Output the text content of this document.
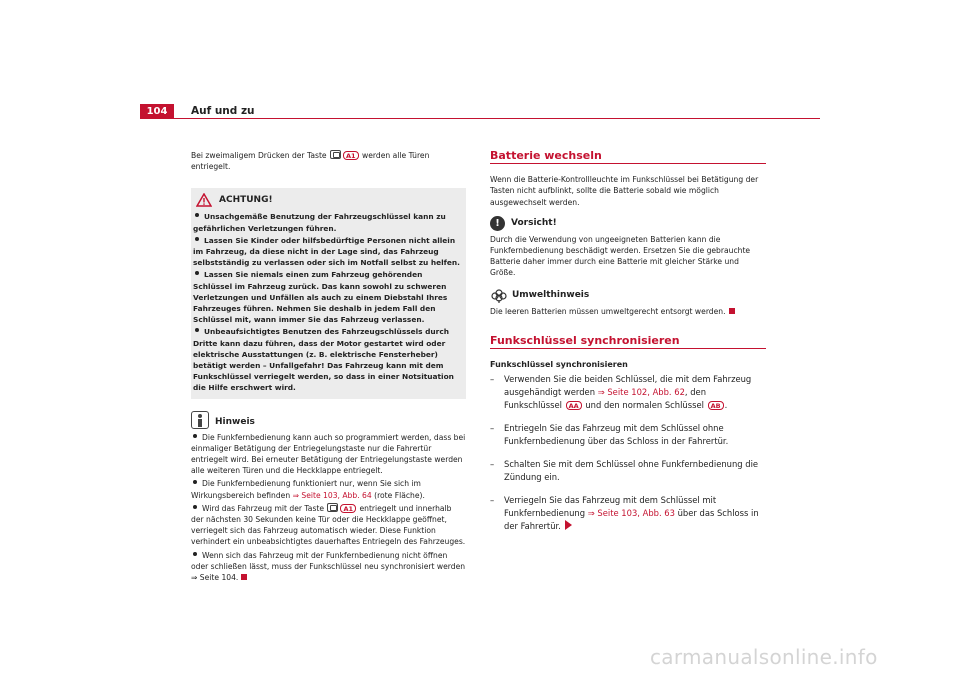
104	Auf und zu

Bei zweimaligem Drücken der Taste	A1 werden alle Türen entriegelt.

ACHTUNG!
Unsachgemäße Benutzung der Fahrzeugschlüssel kann zu gefährlichen Verletzungen führen.
Lassen Sie Kinder oder hilfsbedürftige Personen nicht allein im Fahrzeug, da diese nicht in der Lage sind, das Fahrzeug selbstständig zu verlassen oder sich im Notfall selbst zu helfen.
Lassen Sie niemals einen zum Fahrzeug gehörenden Schlüssel im Fahrzeug zurück. Das kann sowohl zu schweren Verletzungen und Unfällen als auch zu einem Diebstahl Ihres Fahrzeuges führen. Nehmen Sie deshalb in jedem Fall den Schlüssel mit, wann immer Sie das Fahrzeug verlassen.
Unbeaufsichtigtes Benutzen des Fahrzeugschlüssels durch Dritte kann dazu führen, dass der Motor gestartet wird oder elektrische Ausstattungen (z. B. elektrische Fensterheber) betätigt werden – Unfallgefahr! Das Fahrzeug kann mit dem Funkschlüssel verriegelt werden, so dass in einer Notsituation die Hilfe erschwert wird.
Hinweis
Die Funkfernbedienung kann auch so programmiert werden, dass bei einmaliger Betätigung der Entriegelungstaste nur die Fahrertür entriegelt wird. Bei erneuter Betätigung der Entriegelungstaste werden alle weiteren Türen und die Heckklappe entriegelt.
Die Funkfernbedienung funktioniert nur, wenn Sie sich im Wirkungsbereich befinden ⇒ Seite 103, Abb. 64 (rote Fläche).
Wird das Fahrzeug mit der Taste	A1 entriegelt und innerhalb der nächsten 30 Sekunden keine Tür oder die Heckklappe geöffnet, verriegelt sich das Fahrzeug automatisch wieder. Diese Funktion verhindert ein unbeabsichtigtes dauerhaftes Entriegeln des Fahrzeuges.
Wenn sich das Fahrzeug mit der Funkfernbedienung nicht öffnen oder schließen lässt, muss der Funkschlüssel neu synchronisiert werden ⇒ Seite 104.
Batterie wechseln

Wenn die Batterie-Kontrollleuchte im Funkschlüssel bei Betätigung der Tasten nicht aufblinkt, sollte die Batterie sobald wie möglich ausgewechselt werden.

!	Vorsicht!

Durch die Verwendung von ungeeigneten Batterien kann die Funkfernbedienung beschädigt werden. Ersetzen Sie die gebrauchte Batterie daher immer durch eine Batterie mit gleicher Stärke und Größe.

Umwelthinweis

Die leeren Batterien müssen umweltgerecht entsorgt werden.

Funkschlüssel synchronisieren

Funkschlüssel synchronisieren

– Verwenden Sie die beiden Schlüssel, die mit dem Fahrzeug ausgehändigt werden ⇒ Seite 102, Abb. 62, den Funkschlüssel AA und den normalen Schlüssel AB .
– Entriegeln Sie das Fahrzeug mit dem Schlüssel ohne Funkfernbedienung über das Schloss in der Fahrertür.
– Schalten Sie mit dem Schlüssel ohne Funkfernbedienung die Zündung ein.
– Verriegeln Sie das Fahrzeug mit dem Schlüssel mit Funkfernbedienung ⇒ Seite 103, Abb. 63 über das Schloss in der Fahrertür.
carmanualsonline.info
